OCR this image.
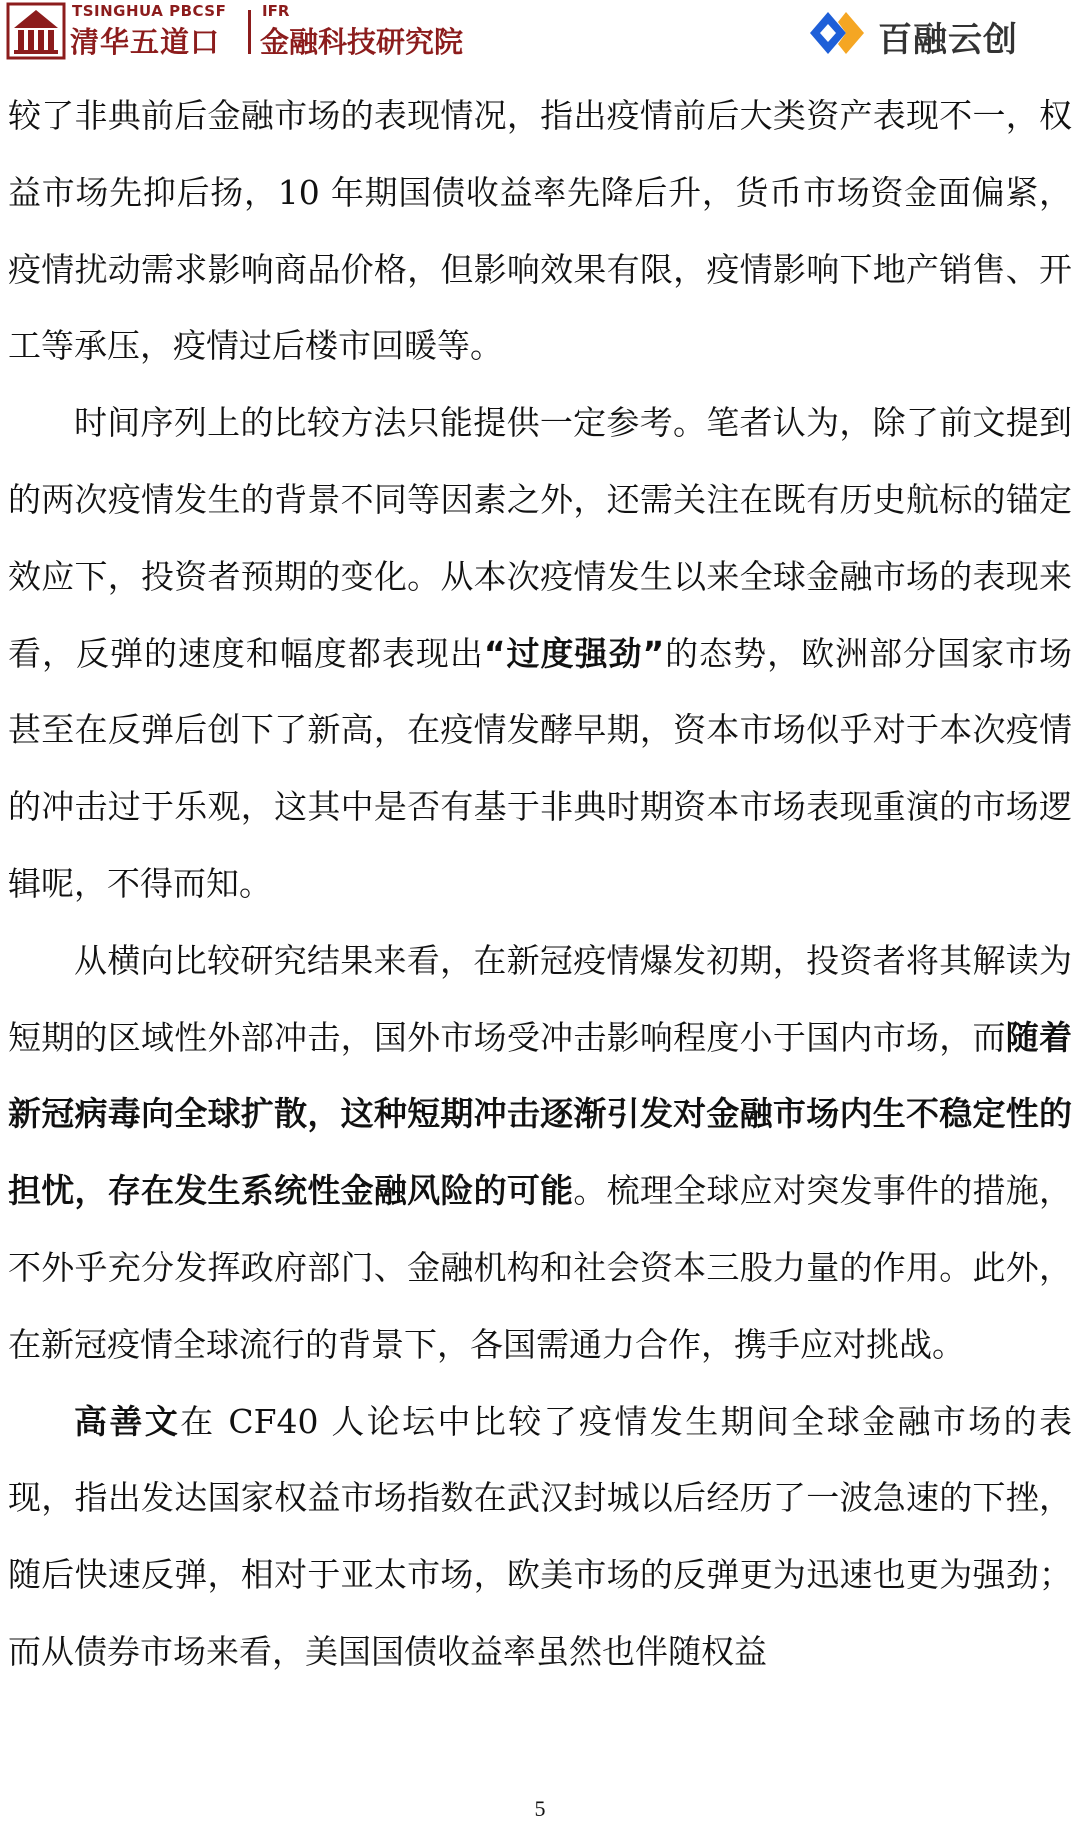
TSINGHUA PBCSF
清华五道口
IFR
金融科技研究院	百融云创

较了非典前后金融市场的表现情况，指出疫情前后大类资产表现不一，权益市场先抑后扬，10 年期国债收益率先降后升，货币市场资金面偏紧，疫情扰动需求影响商品价格，但影响效果有限，疫情影响下地产销售、开工等承压，疫情过后楼市回暖等。

时间序列上的比较方法只能提供一定参考。笔者认为，除了前文提到的两次疫情发生的背景不同等因素之外，还需关注在既有历史航标的锚定效应下，投资者预期的变化。从本次疫情发生以来全球金融市场的表现来看，反弹的速度和幅度都表现出“过度强劲”的态势，欧洲部分国家市场甚至在反弹后创下了新高，在疫情发酵早期，资本市场似乎对于本次疫情的冲击过于乐观，这其中是否有基于非典时期资本市场表现重演的市场逻辑呢，不得而知。

从横向比较研究结果来看，在新冠疫情爆发初期，投资者将其解读为短期的区域性外部冲击，国外市场受冲击影响程度小于国内市场，而随着新冠病毒向全球扩散，这种短期冲击逐渐引发对金融市场内生不稳定性的担忧，存在发生系统性金融风险的可能。梳理全球应对突发事件的措施，不外乎充分发挥政府部门、金融机构和社会资本三股力量的作用。此外，在新冠疫情全球流行的背景下，各国需通力合作，携手应对挑战。

高善文在 CF40 人论坛中比较了疫情发生期间全球金融市场的表现，指出发达国家权益市场指数在武汉封城以后经历了一波急速的下挫，随后快速反弹，相对于亚太市场，欧美市场的反弹更为迅速也更为强劲；而从债券市场来看，美国国债收益率虽然也伴随权益

5
